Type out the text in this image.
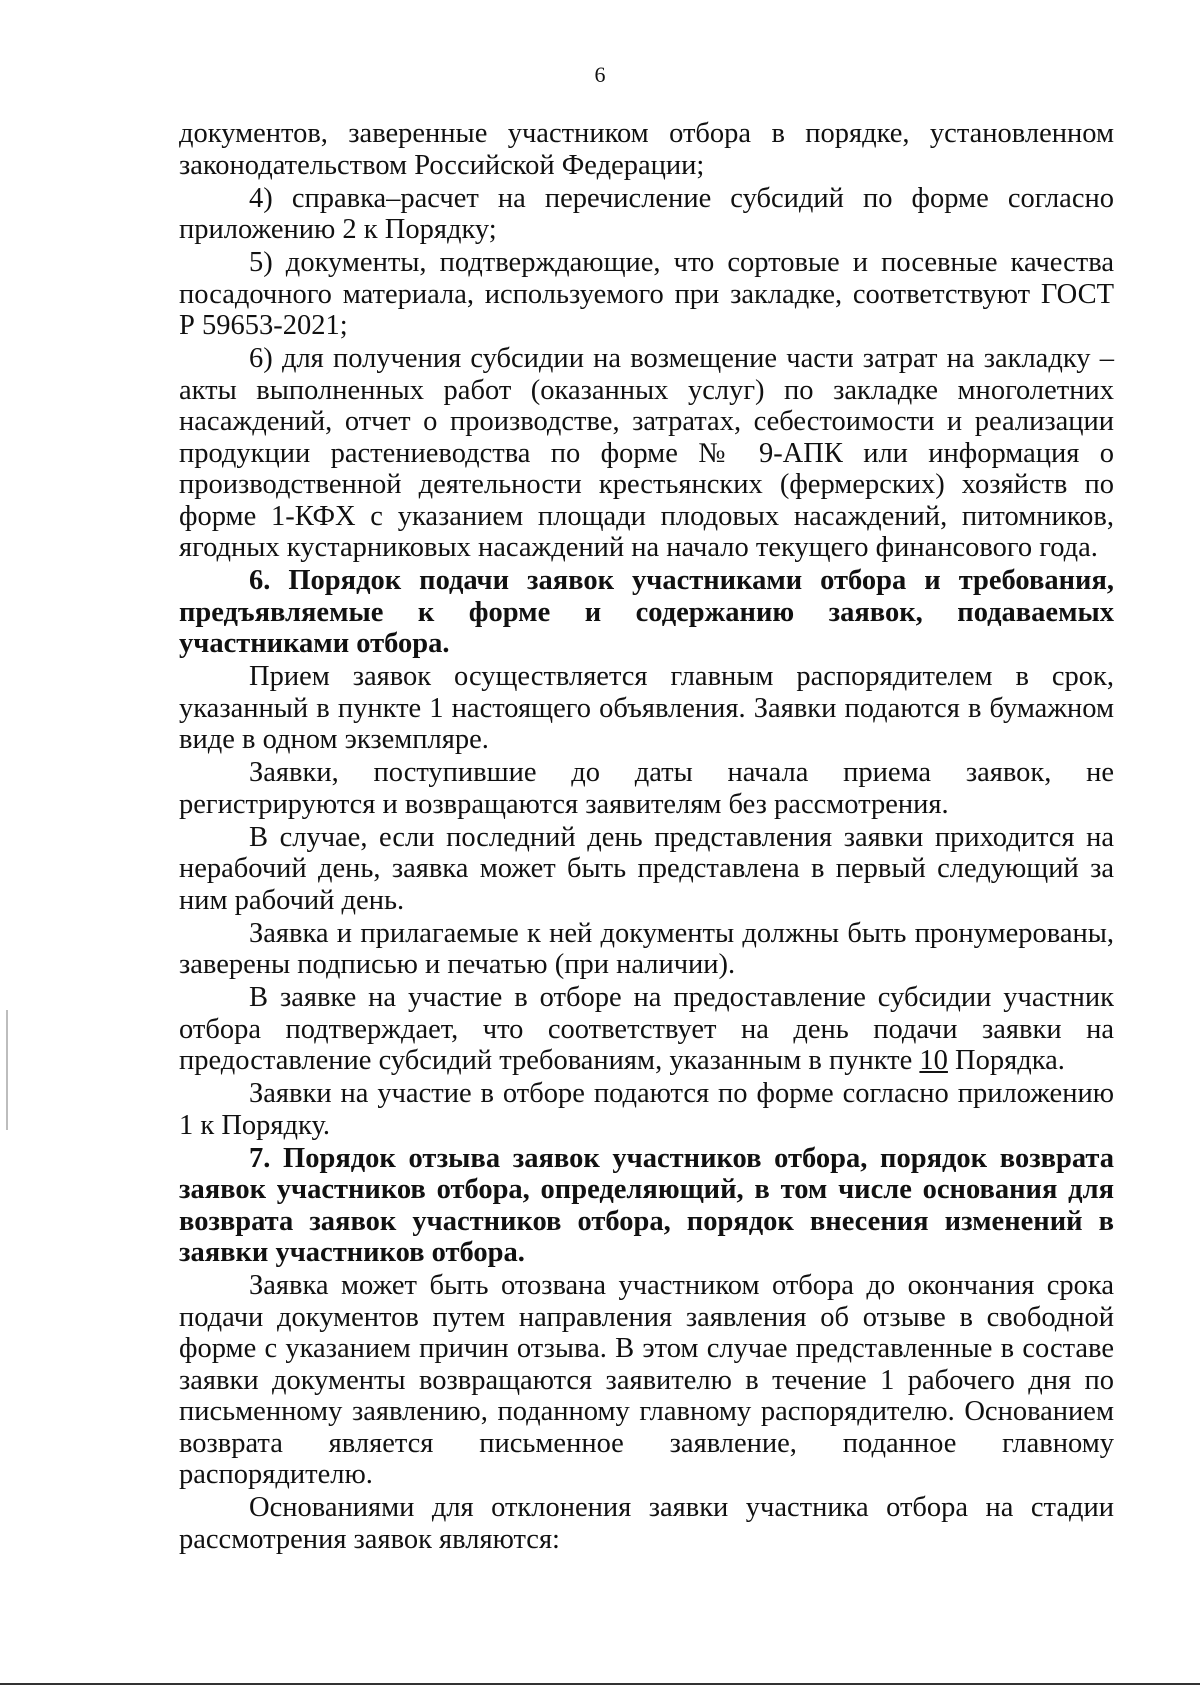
6

документов, заверенные участником отбора в порядке, установленном законодательством Российской Федерации;

4) справка–расчет на перечисление субсидий по форме согласно приложению 2 к Порядку;

5) документы, подтверждающие, что сортовые и посевные качества посадочного материала, используемого при закладке, соответствуют ГОСТ Р 59653-2021;

6) для получения субсидии на возмещение части затрат на закладку – акты выполненных работ (оказанных услуг) по закладке многолетних насаждений, отчет о производстве, затратах, себестоимости и реализации продукции растениеводства по форме № 9-АПК или информация о производственной деятельности крестьянских (фермерских) хозяйств по форме 1-КФХ с указанием площади плодовых насаждений, питомников, ягодных кустарниковых насаждений на начало текущего финансового года.

6. Порядок подачи заявок участниками отбора и требования, предъявляемые к форме и содержанию заявок, подаваемых участниками отбора.

Прием заявок осуществляется главным распорядителем в срок, указанный в пункте 1 настоящего объявления. Заявки подаются в бумажном виде в одном экземпляре.

Заявки, поступившие до даты начала приема заявок, не регистрируются и возвращаются заявителям без рассмотрения.

В случае, если последний день представления заявки приходится на нерабочий день, заявка может быть представлена в первый следующий за ним рабочий день.

Заявка и прилагаемые к ней документы должны быть пронумерованы, заверены подписью и печатью (при наличии).

В заявке на участие в отборе на предоставление субсидии участник отбора подтверждает, что соответствует на день подачи заявки на предоставление субсидий требованиям, указанным в пункте 10 Порядка.

Заявки на участие в отборе подаются по форме согласно приложению 1 к Порядку.

7. Порядок отзыва заявок участников отбора, порядок возврата заявок участников отбора, определяющий, в том числе основания для возврата заявок участников отбора, порядок внесения изменений в заявки участников отбора.

Заявка может быть отозвана участником отбора до окончания срока подачи документов путем направления заявления об отзыве в свободной форме с указанием причин отзыва. В этом случае представленные в составе заявки документы возвращаются заявителю в течение 1 рабочего дня по письменному заявлению, поданному главному распорядителю. Основанием возврата является письменное заявление, поданное главному распорядителю.

Основаниями для отклонения заявки участника отбора на стадии рассмотрения заявок являются:
